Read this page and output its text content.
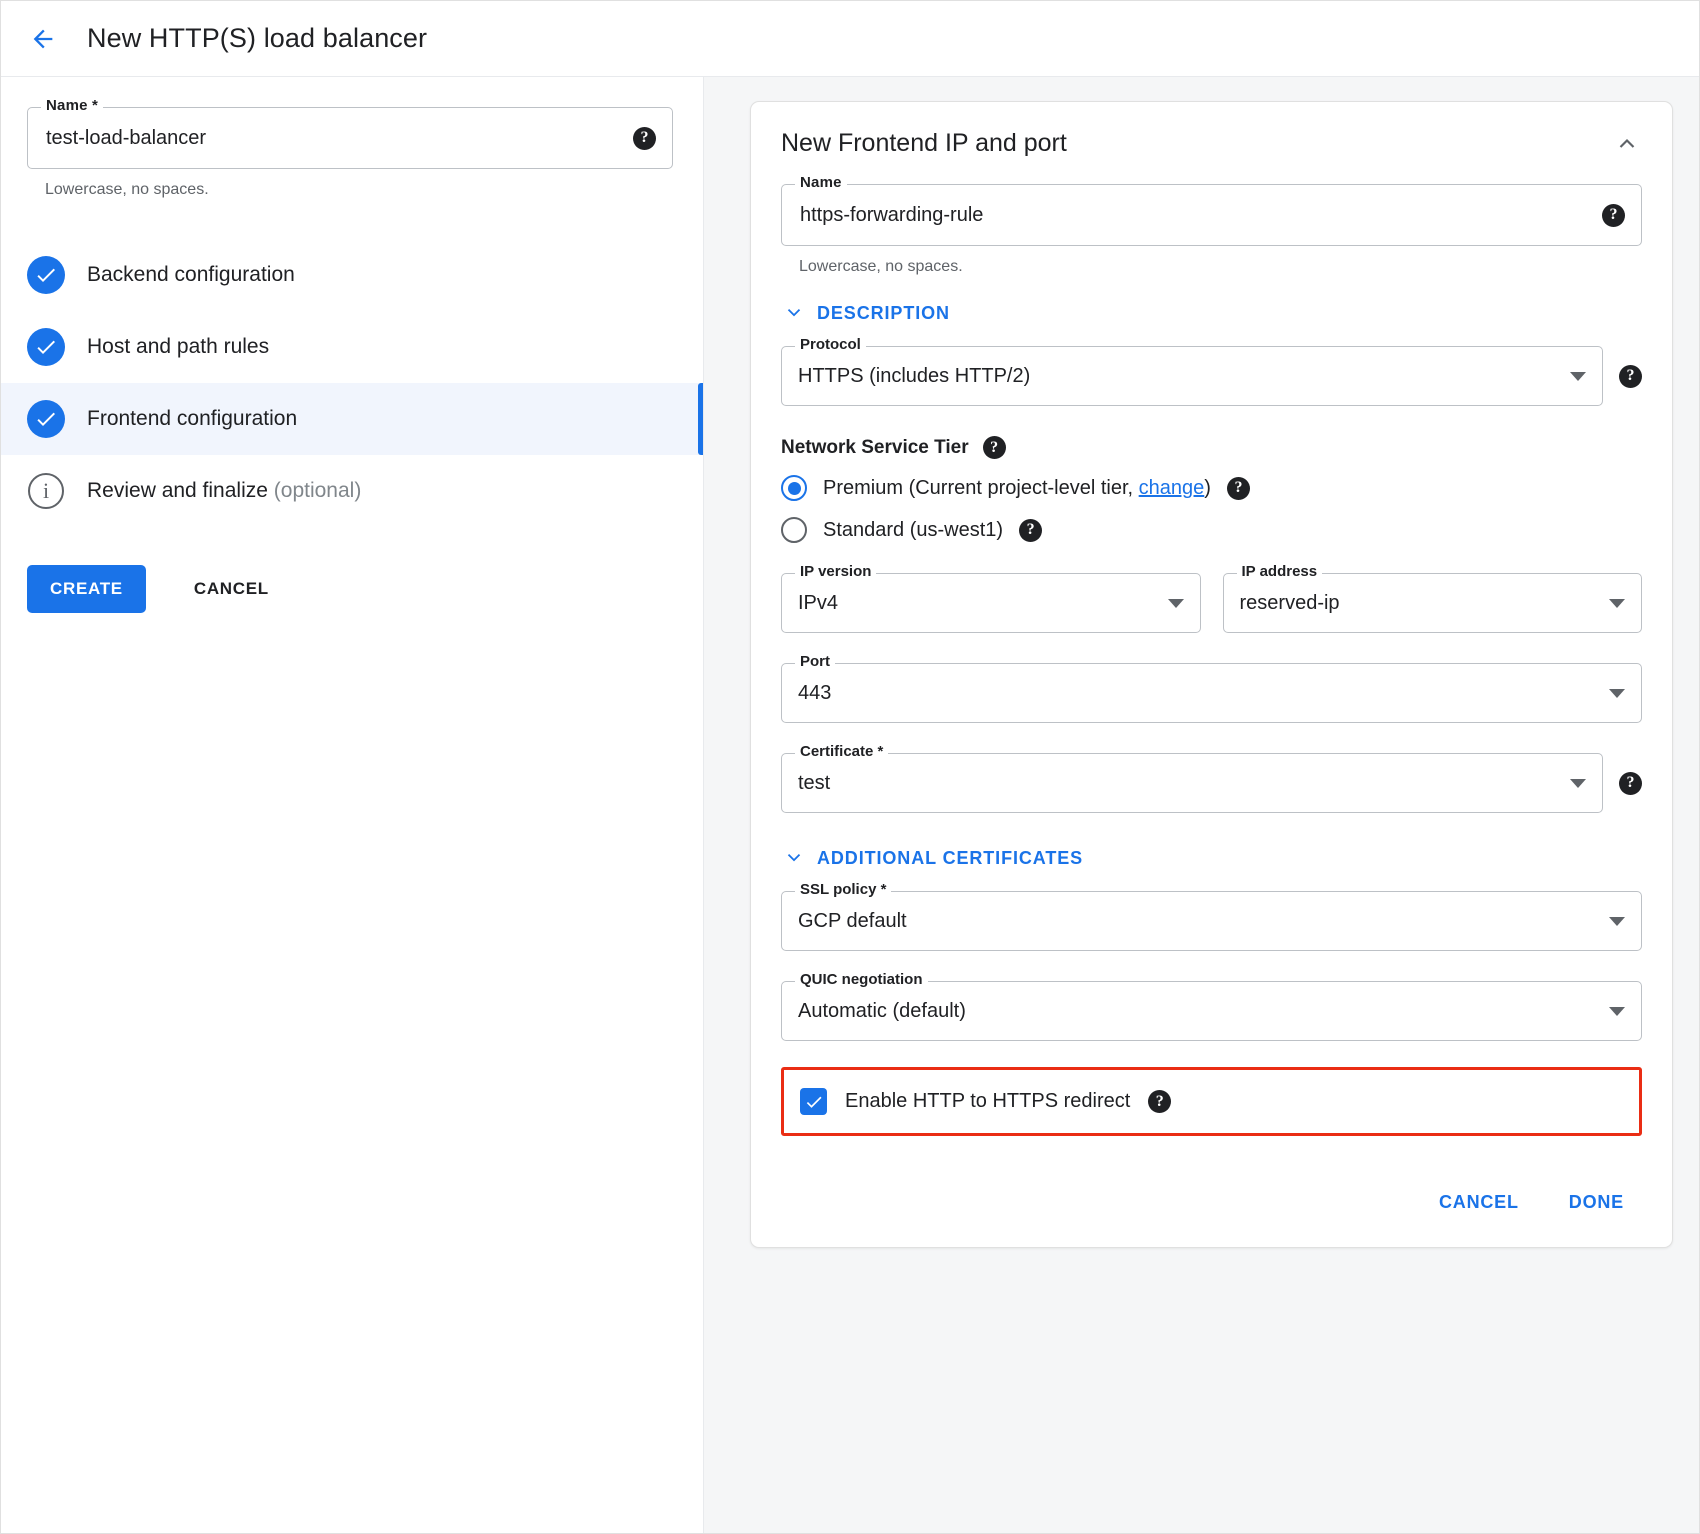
New HTTP(S) load balancer
Name *
test-load-balancer
?
Lowercase, no spaces.
Backend configuration
Host and path rules
Frontend configuration
i	Review and finalize (optional)
CREATE	CANCEL
New Frontend IP and port
Name
https-forwarding-rule
?
Lowercase, no spaces.
DESCRIPTION
Protocol
HTTPS (includes HTTP/2)	?
Network Service Tier	?
Premium (Current project-level tier, change)	?
Standard (us-west1)	?
IP version
IPv4
IP address
reserved-ip
Port
443
Certificate *
test	?
ADDITIONAL CERTIFICATES
SSL policy *
GCP default
QUIC negotiation
Automatic (default)
Enable HTTP to HTTPS redirect	?
CANCEL	DONE
